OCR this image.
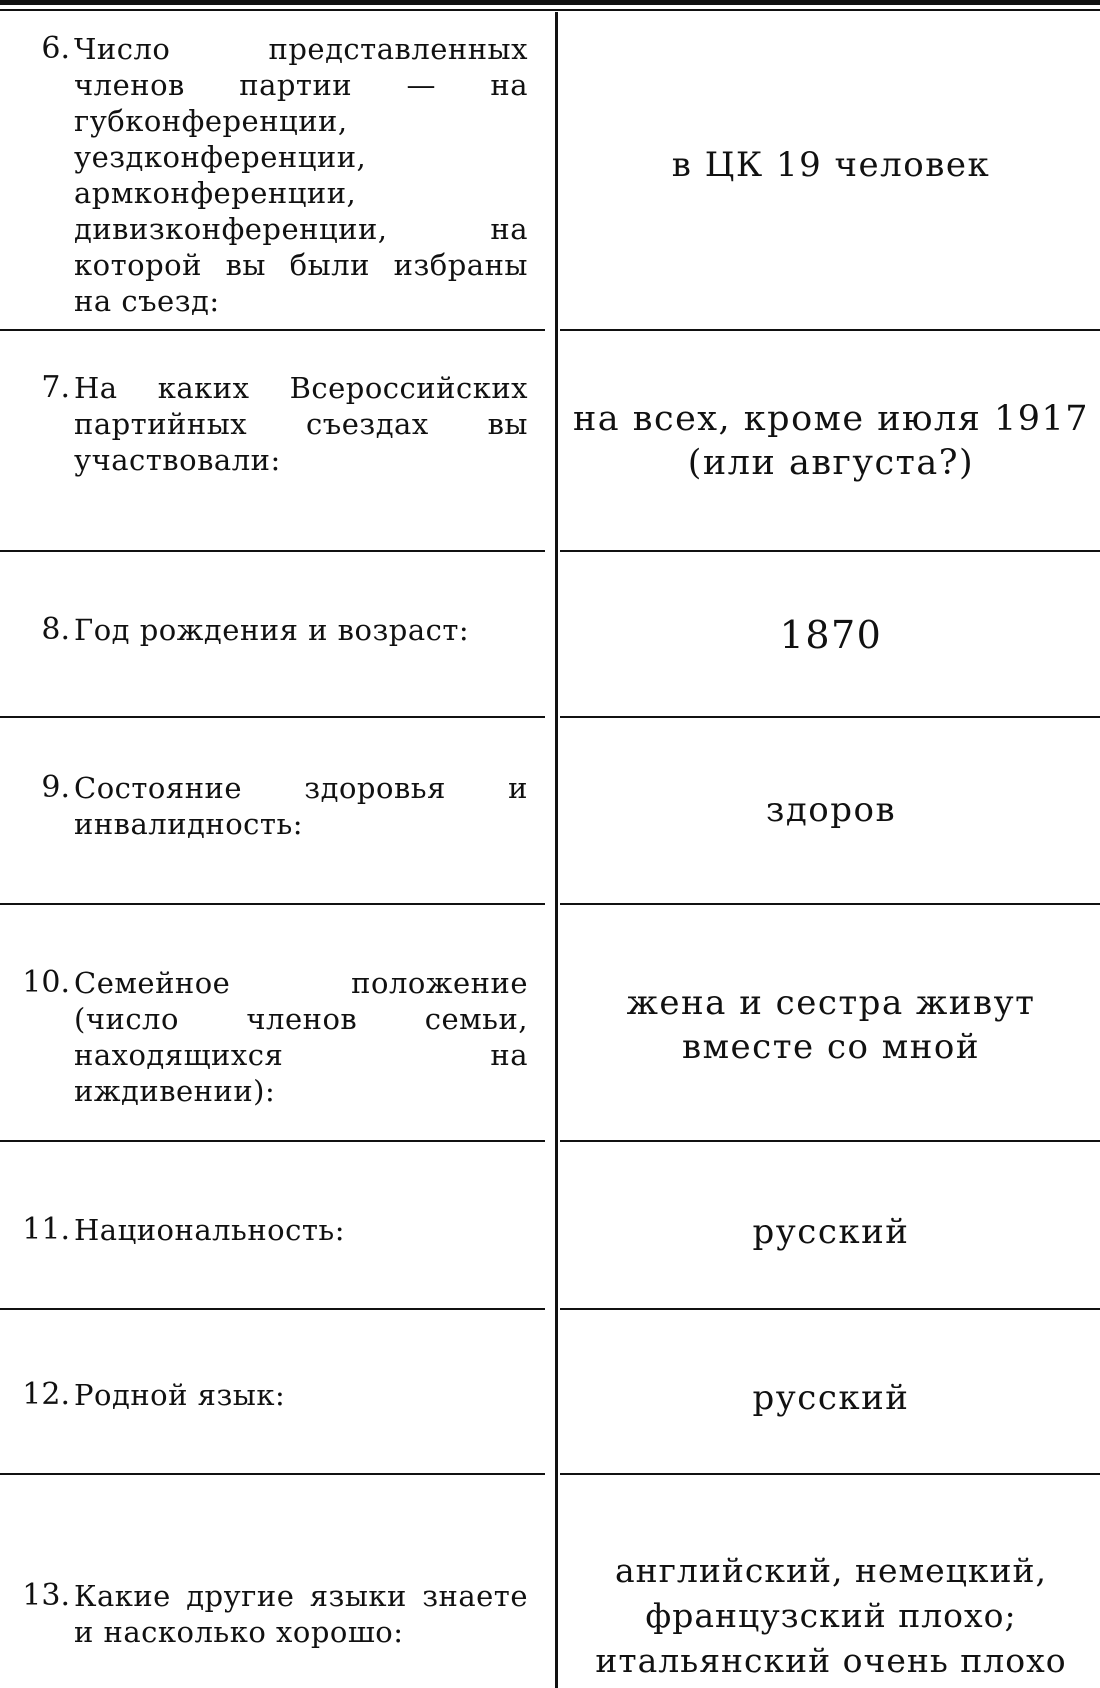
6. Число представленных членов партии — на губконференции, уездконференции, армконференции, дивизконференции, на которой вы были избраны на съезд:
в ЦК 19 человек
7. На каких Всероссийских партийных съездах вы участвовали:
на всех, кроме июля 1917
(или августа?)
8. Год рождения и возраст:	1870
9. Состояние здоровья и инвалидность:	здоров
10. Семейное положение (число членов семьи, находящихся на иждивении):
жена и сестра живут
вместе со мной
11. Национальность:	русский
12. Родной язык:	русский
13. Какие другие языки знаете и насколько хорошо:
английский, немецкий,
французский плохо; итальянский очень плохо
